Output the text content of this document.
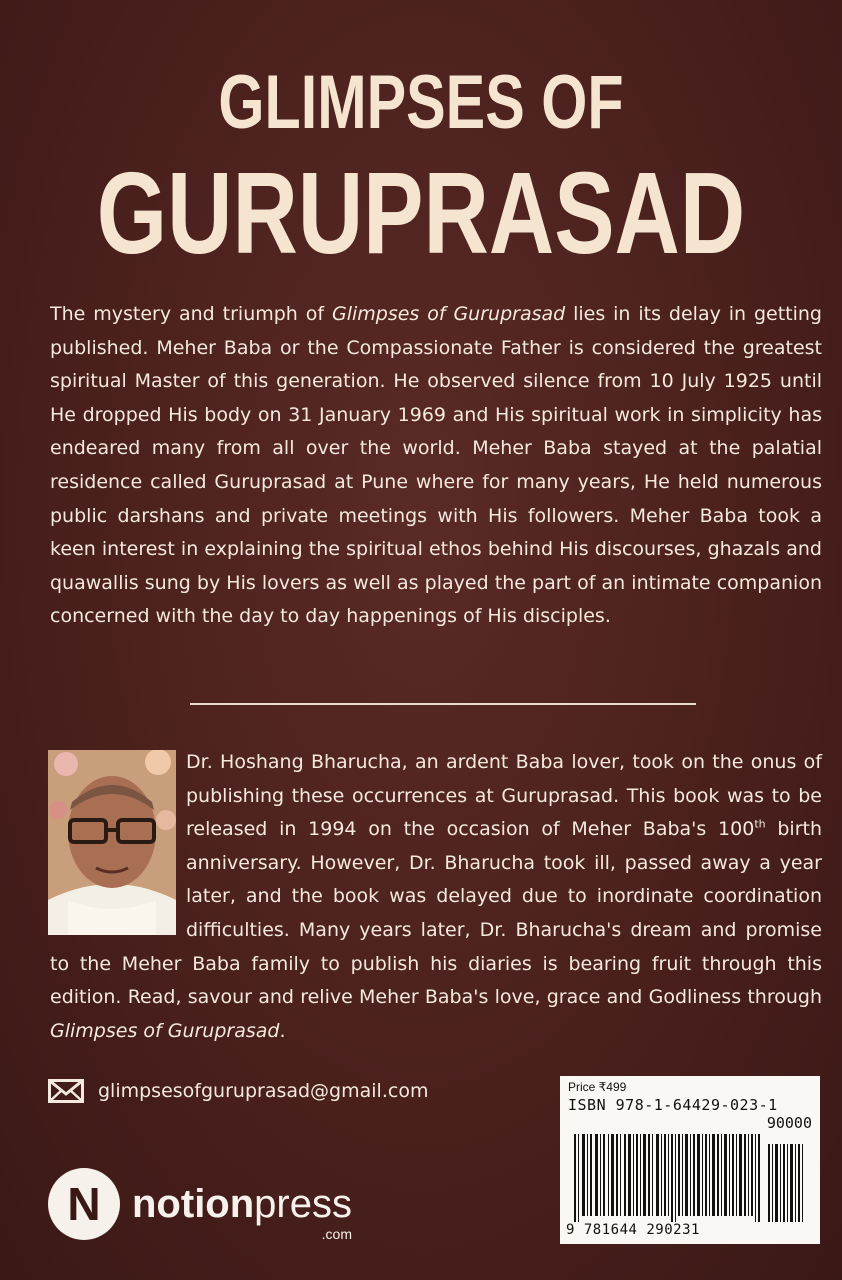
GLIMPSES OF
GURUPRASAD
The mystery and triumph of Glimpses of Guruprasad lies in its delay in getting published. Meher Baba or the Compassionate Father is considered the greatest spiritual Master of this generation. He observed silence from 10 July 1925 until He dropped His body on 31 January 1969 and His spiritual work in simplicity has endeared many from all over the world. Meher Baba stayed at the palatial residence called Guruprasad at Pune where for many years, He held numerous public darshans and private meetings with His followers. Meher Baba took a keen interest in explaining the spiritual ethos behind His discourses, ghazals and quawallis sung by His lovers as well as played the part of an intimate companion concerned with the day to day happenings of His disciples.
Dr. Hoshang Bharucha, an ardent Baba lover, took on the onus of publishing these occurrences at Guruprasad. This book was to be released in 1994 on the occasion of Meher Baba's 100th birth anniversary. However, Dr. Bharucha took ill, passed away a year later, and the book was delayed due to inordinate coordination difficulties. Many years later, Dr. Bharucha's dream and promise to the Meher Baba family to publish his diaries is bearing fruit through this edition. Read, savour and relive Meher Baba's love, grace and Godliness through Glimpses of Guruprasad.
glimpsesofguruprasad@gmail.com
N notionpress
.com
Price ₹499
ISBN 978-1-64429-023-1
90000
9 781644 290231
